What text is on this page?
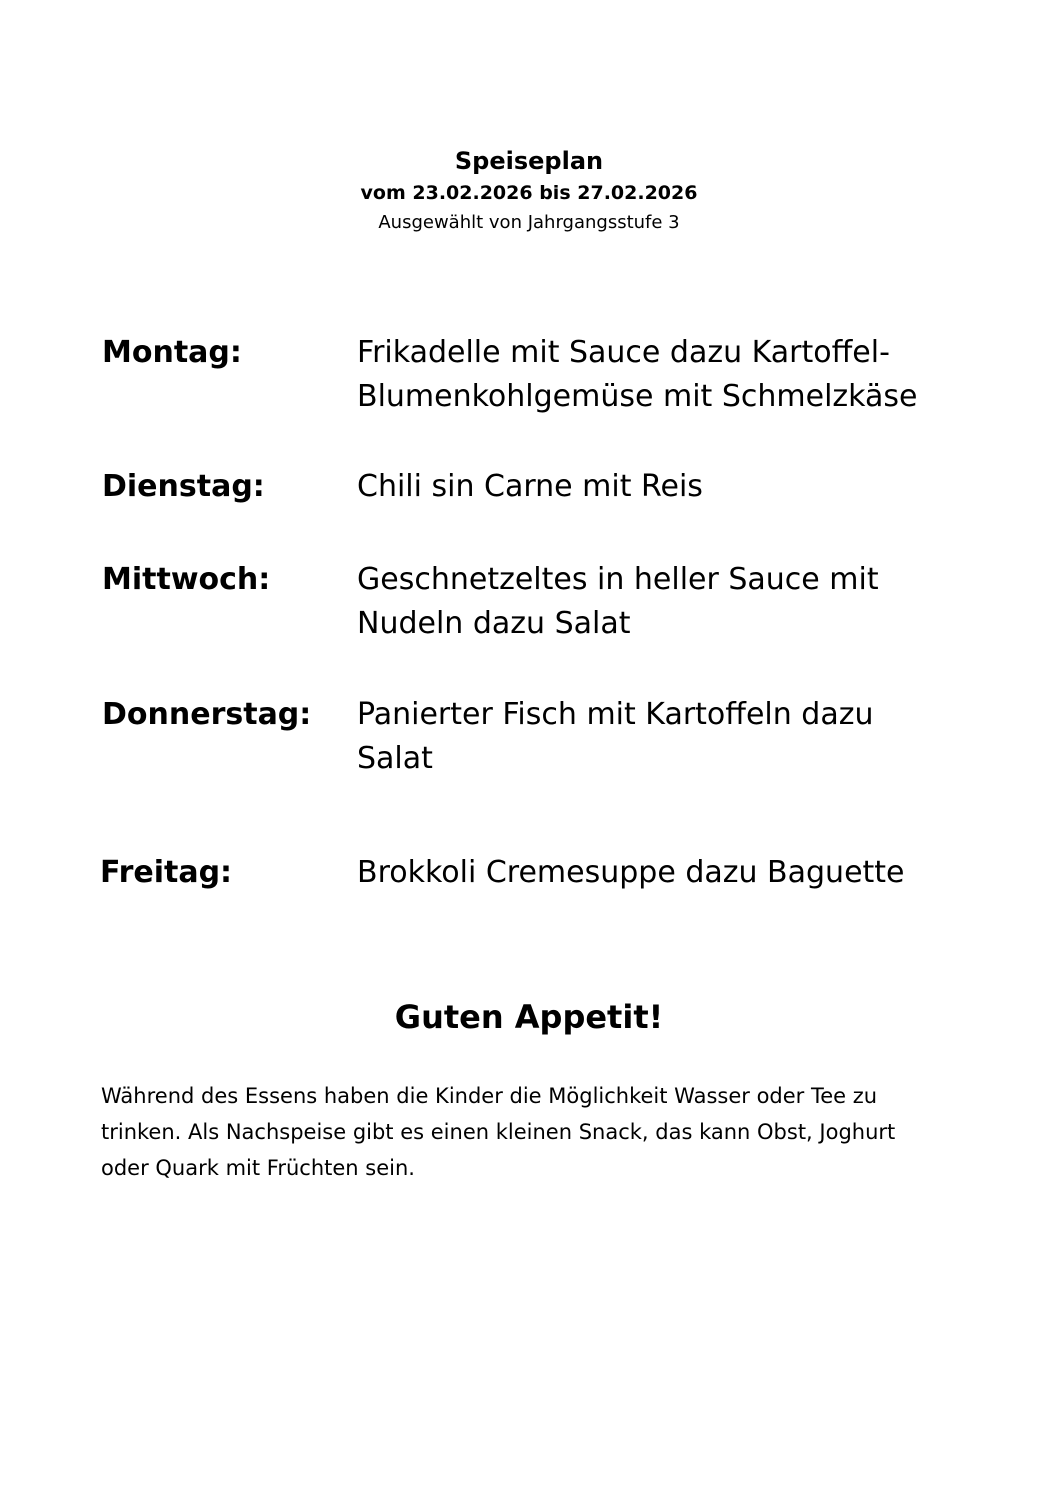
Speiseplan
vom 23.02.2026 bis 27.02.2026
Ausgewählt von Jahrgangsstufe 3
Montag:	Frikadelle mit Sauce dazu Kartoffel-Blumenkohlgemüse mit Schmelzkäse
Dienstag:	Chili sin Carne mit Reis
Mittwoch:	Geschnetzeltes in heller Sauce mit Nudeln dazu Salat
Donnerstag: Panierter Fisch mit Kartoffeln dazu Salat
Freitag:	Brokkoli Cremesuppe dazu Baguette
Guten Appetit!
Während des Essens haben die Kinder die Möglichkeit Wasser oder Tee zu trinken. Als Nachspeise gibt es einen kleinen Snack, das kann Obst, Joghurt oder Quark mit Früchten sein.
